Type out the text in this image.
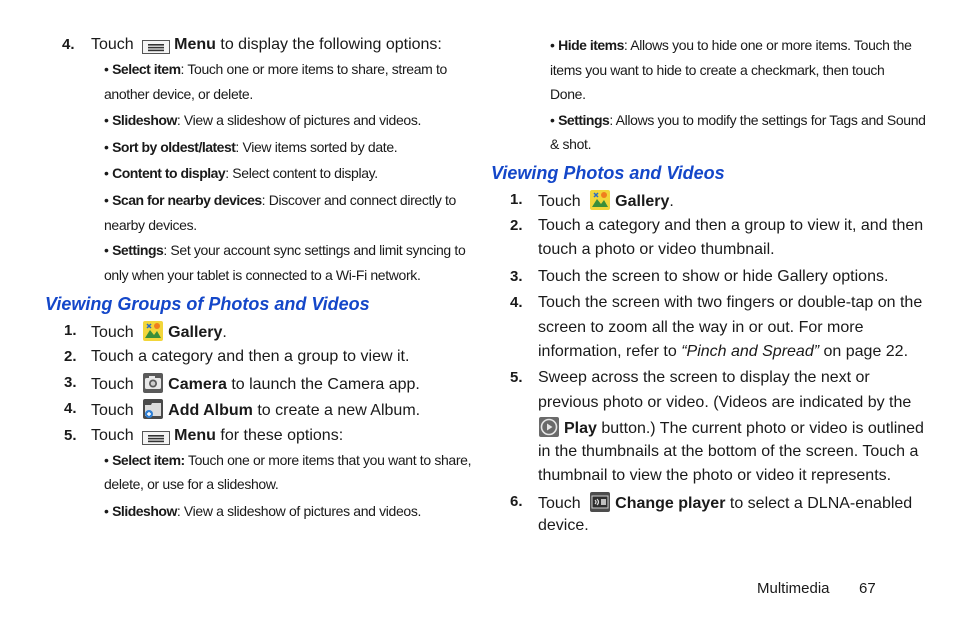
4. Touch	Menu to display the following options:
• Select item: Touch one or more items to share, stream to
another device, or delete.
• Slideshow: View a slideshow of pictures and videos.
• Sort by oldest/latest: View items sorted by date.
• Content to display: Select content to display.
• Scan for nearby devices: Discover and connect directly to
nearby devices.
• Settings: Set your account sync settings and limit syncing to
only when your tablet is connected to a Wi-Fi network.
Viewing Groups of Photos and Videos
1. Touch Gallery.
2. Touch a category and then a group to view it.
3. Touch Camera to launch the Camera app.
4. Touch Add Album to create a new Album.
5. Touch	Menu for these options:
• Select item: Touch one or more items that you want to share,
delete, or use for a slideshow.
• Slideshow: View a slideshow of pictures and videos.
• Hide items: Allows you to hide one or more items. Touch the
items you want to hide to create a checkmark, then touch
Done.
• Settings: Allows you to modify the settings for Tags and Sound
& shot.
Viewing Photos and Videos
1. Touch Gallery.
2. Touch a category and then a group to view it, and then
touch a photo or video thumbnail.
3. Touch the screen to show or hide Gallery options.
4. Touch the screen with two fingers or double-tap on the
screen to zoom all the way in or out. For more
information, refer to “Pinch and Spread” on page 22.
5. Sweep across the screen to display the next or
previous photo or video. (Videos are indicated by the
Play button.) The current photo or video is outlined
in the thumbnails at the bottom of the screen. Touch a
thumbnail to view the photo or video it represents.
6. Touch Change player to select a DLNA-enabled
device.
Multimedia 67
